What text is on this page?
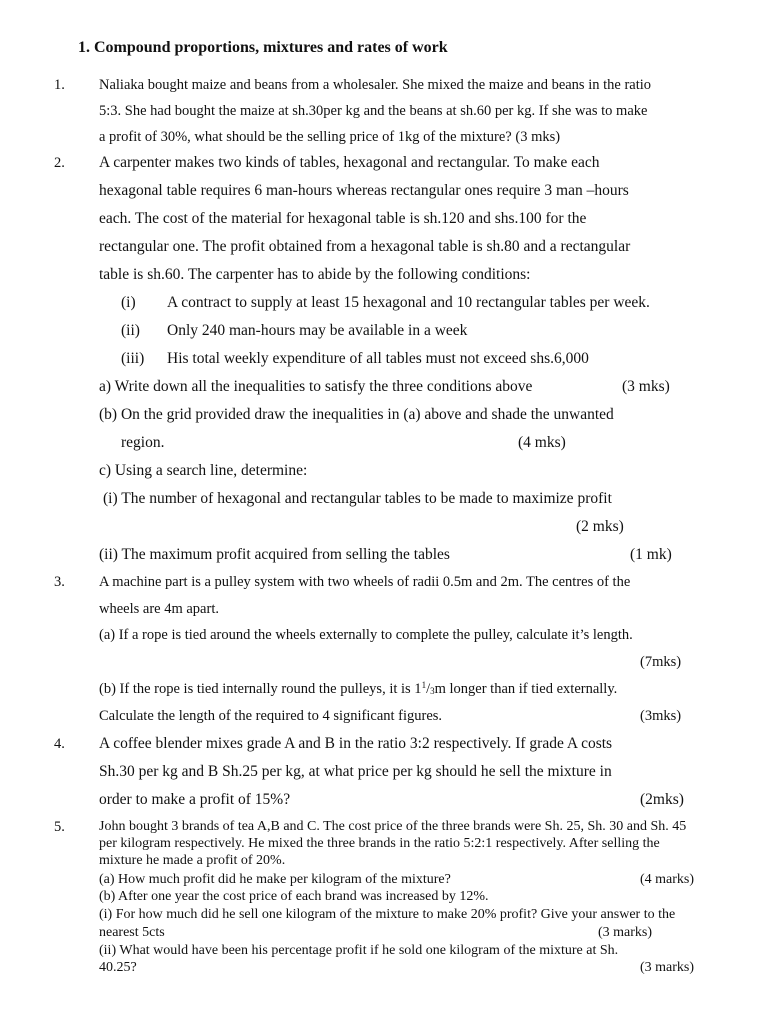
1. Compound proportions, mixtures and rates of work
1. Naliaka bought maize and beans from a wholesaler. She mixed the maize and beans in the ratio
5:3. She had bought the maize at sh.30per kg and the beans at sh.60 per kg. If she was to make
a profit of 30%, what should be the selling price of 1kg of the mixture? (3 mks)
2. A carpenter makes two kinds of tables, hexagonal and rectangular. To make each
hexagonal table requires 6 man-hours whereas rectangular ones require 3 man –hours
each. The cost of the material for hexagonal table is sh.120 and shs.100 for the
rectangular one. The profit obtained from a hexagonal table is sh.80 and a rectangular
table is sh.60. The carpenter has to abide by the following conditions:
(i) A contract to supply at least 15 hexagonal and 10 rectangular tables per week.
(ii) Only 240 man-hours may be available in a week
(iii) His total weekly expenditure of all tables must not exceed shs.6,000
a) Write down all the inequalities to satisfy the three conditions above	(3 mks)
(b) On the grid provided draw the inequalities in (a) above and shade the unwanted
region.	(4 mks)
c) Using a search line, determine:
(i) The number of hexagonal and rectangular tables to be made to maximize profit
(2 mks)
(ii) The maximum profit acquired from selling the tables	(1 mk)
3. A machine part is a pulley system with two wheels of radii 0.5m and 2m. The centres of the
wheels are 4m apart.
(a) If a rope is tied around the wheels externally to complete the pulley, calculate it’s length.
(7mks)
(b) If the rope is tied internally round the pulleys, it is $1^1/_3m$ longer than if tied externally.
Calculate the length of the required to 4 significant figures.	(3mks)
4. A coffee blender mixes grade A and B in the ratio 3:2 respectively. If grade A costs
Sh.30 per kg and B Sh.25 per kg, at what price per kg should he sell the mixture in
order to make a profit of 15%?	(2mks)
5. John bought 3 brands of tea A,B and C. The cost price of the three brands were Sh. 25, Sh. 30 and Sh. 45
per kilogram respectively. He mixed the three brands in the ratio 5:2:1 respectively. After selling the
mixture he made a profit of 20%.
(a) How much profit did he make per kilogram of the mixture?	(4 marks)
(b) After one year the cost price of each brand was increased by 12%.
(i) For how much did he sell one kilogram of the mixture to make 20% profit? Give your answer to the
nearest 5cts	(3 marks)
(ii) What would have been his percentage profit if he sold one kilogram of the mixture at Sh.
40.25?	(3 marks)
